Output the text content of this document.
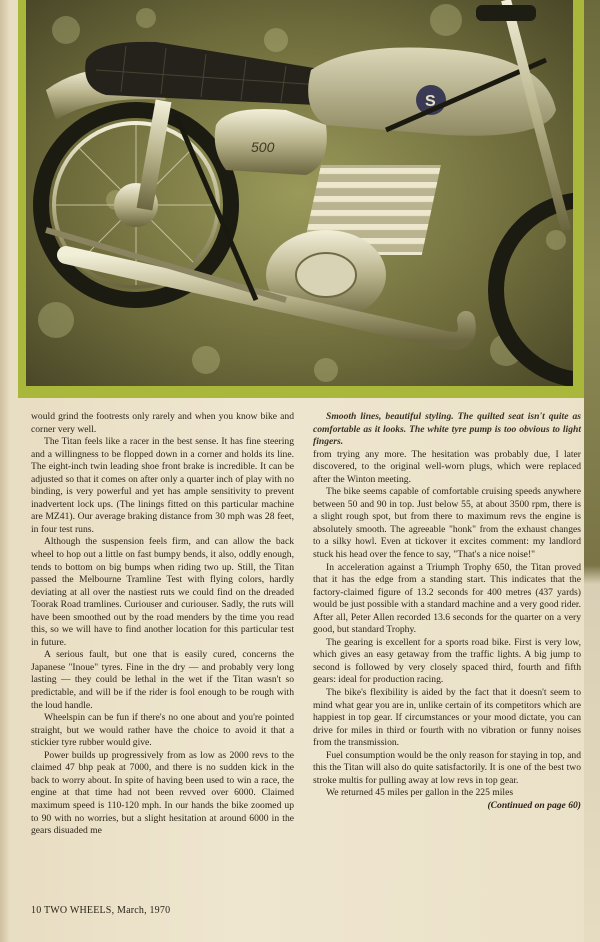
S
500

would grind the footrests only rarely and when you know bike and corner very well.

The Titan feels like a racer in the best sense. It has fine steering and a willingness to be flopped down in a corner and holds its line. The eight-inch twin leading shoe front brake is incredible. It can be adjusted so that it comes on after only a quarter inch of play with no binding, is very powerful and yet has ample sensitivity to prevent inadvertent lock ups. (The linings fitted on this particular machine are MZ41). Our average braking distance from 30 mph was 28 feet, in four test runs.

Although the suspension feels firm, and can allow the back wheel to hop out a little on fast bumpy bends, it also, oddly enough, tends to bottom on big bumps when riding two up. Still, the Titan passed the Melbourne Tramline Test with flying colors, hardly deviating at all over the nastiest ruts we could find on the dreaded Toorak Road tramlines. Curiouser and curiouser. Sadly, the ruts will have been smoothed out by the road menders by the time you read this, so we will have to find another location for this particular test in future.

A serious fault, but one that is easily cured, concerns the Japanese "Inoue" tyres. Fine in the dry — and probably very long lasting — they could be lethal in the wet if the Titan wasn't so predictable, and will be if the rider is fool enough to be rough with the loud handle.

Wheelspin can be fun if there's no one about and you're pointed straight, but we would rather have the choice to avoid it that a stickier tyre rubber would give.

Power builds up progressively from as low as 2000 revs to the claimed 47 bhp peak at 7000, and there is no sudden kick in the back to worry about. In spite of having been used to win a race, the engine at that time had not been revved over 6000. Claimed maximum speed is 110-120 mph. In our hands the bike zoomed up to 90 with no worries, but a slight hesitation at around 6000 in the gears disuaded me

Smooth lines, beautiful styling. The quilted seat isn't quite as comfortable as it looks. The white tyre pump is too obvious to light fingers.

from trying any more. The hesitation was probably due, I later discovered, to the original well-worn plugs, which were replaced after the Winton meeting.

The bike seems capable of comfortable cruising speeds anywhere between 50 and 90 in top. Just below 55, at about 3500 rpm, there is a slight rough spot, but from there to maximum revs the engine is absolutely smooth. The agreeable "honk" from the exhaust changes to a silky howl. Even at tickover it excites comment: my landlord stuck his head over the fence to say, "That's a nice noise!"

In acceleration against a Triumph Trophy 650, the Titan proved that it has the edge from a standing start. This indicates that the factory-claimed figure of 13.2 seconds for 400 metres (437 yards) would be just possible with a standard machine and a very good rider. After all, Peter Allen recorded 13.6 seconds for the quarter on a very good, but standard Trophy.

The gearing is excellent for a sports road bike. First is very low, which gives an easy getaway from the traffic lights. A big jump to second is followed by very closely spaced third, fourth and fifth gears: ideal for production racing.

The bike's flexibility is aided by the fact that it doesn't seem to mind what gear you are in, unlike certain of its competitors which are happiest in top gear. If circumstances or your mood dictate, you can drive for miles in third or fourth with no vibration or funny noises from the transmission.

Fuel consumption would be the only reason for staying in top, and this the Titan will also do quite satisfactorily. It is one of the best two stroke multis for pulling away at low revs in top gear.

We returned 45 miles per gallon in the 225 miles

(Continued on page 60)

10 TWO WHEELS, March, 1970
